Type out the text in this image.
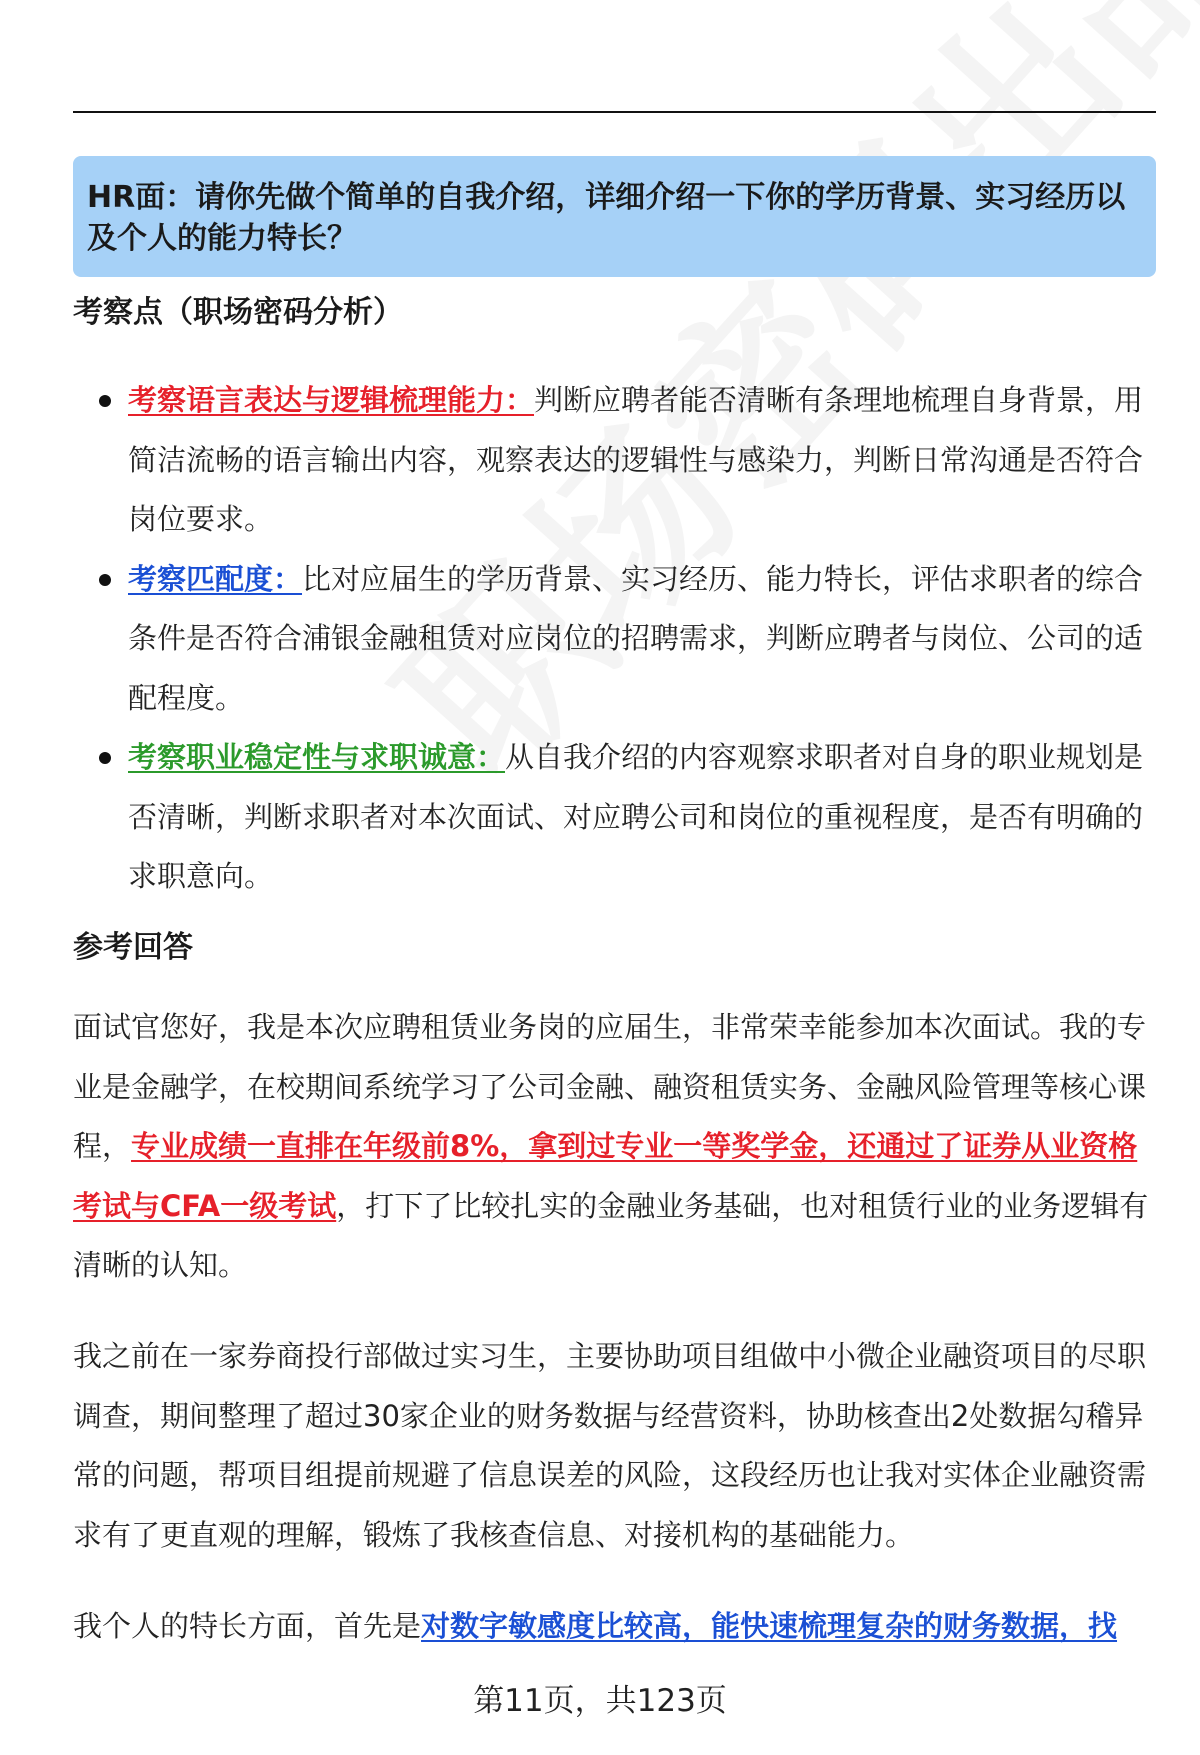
HR面：请你先做个简单的自我介绍，详细介绍一下你的学历背景、实习经历以及个人的能力特长？
考察点（职场密码分析）
考察语言表达与逻辑梳理能力：判断应聘者能否清晰有条理地梳理自身背景，用简洁流畅的语言输出内容，观察表达的逻辑性与感染力，判断日常沟通是否符合岗位要求。
考察匹配度：比对应届生的学历背景、实习经历、能力特长，评估求职者的综合条件是否符合浦银金融租赁对应岗位的招聘需求，判断应聘者与岗位、公司的适配程度。
考察职业稳定性与求职诚意：从自我介绍的内容观察求职者对自身的职业规划是否清晰，判断求职者对本次面试、对应聘公司和岗位的重视程度，是否有明确的求职意向。
参考回答

面试官您好，我是本次应聘租赁业务岗的应届生，非常荣幸能参加本次面试。我的专业是金融学，在校期间系统学习了公司金融、融资租赁实务、金融风险管理等核心课程，专业成绩一直排在年级前8%，拿到过专业一等奖学金，还通过了证券从业资格考试与CFA一级考试，打下了比较扎实的金融业务基础，也对租赁行业的业务逻辑有清晰的认知。

我之前在一家券商投行部做过实习生，主要协助项目组做中小微企业融资项目的尽职调查，期间整理了超过30家企业的财务数据与经营资料，协助核查出2处数据勾稽异常的问题，帮项目组提前规避了信息误差的风险，这段经历也让我对实体企业融资需求有了更直观的理解，锻炼了我核查信息、对接机构的基础能力。

我个人的特长方面，首先是对数字敏感度比较高，能快速梳理复杂的财务数据，找

第11页，共123页
